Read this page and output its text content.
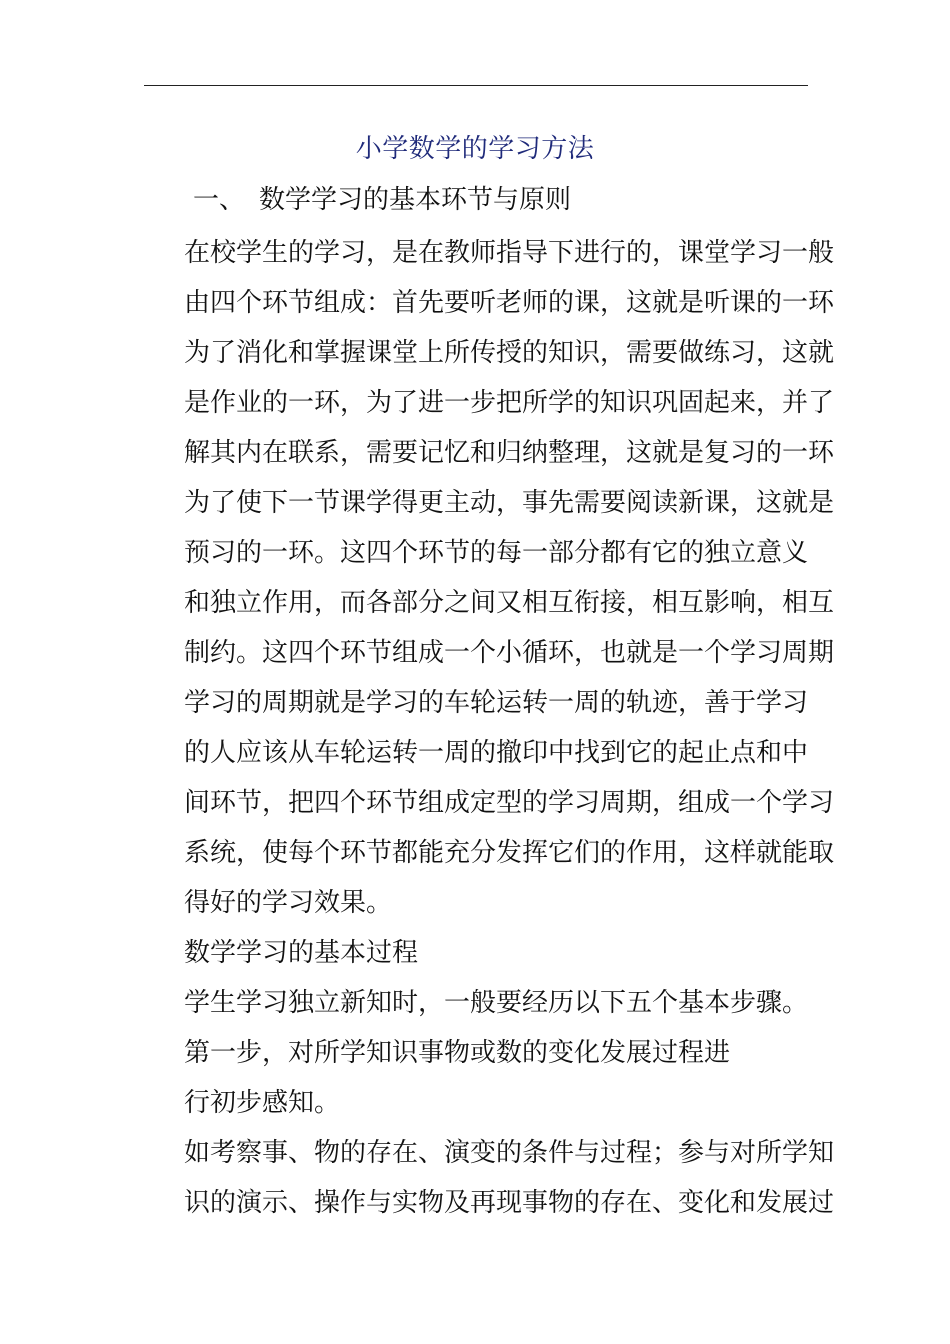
小学数学的学习方法
一、 数学学习的基本环节与原则
在校学生的学习，是在教师指导下进行的，课堂学习一般
由四个环节组成：首先要听老师的课，这就是听课的一环
为了消化和掌握课堂上所传授的知识，需要做练习，这就
是作业的一环，为了进一步把所学的知识巩固起来，并了
解其内在联系，需要记忆和归纳整理，这就是复习的一环
为了使下一节课学得更主动，事先需要阅读新课，这就是
预习的一环。这四个环节的每一部分都有它的独立意义
和独立作用，而各部分之间又相互衔接，相互影响，相互
制约。这四个环节组成一个小循环，也就是一个学习周期
学习的周期就是学习的车轮运转一周的轨迹，善于学习
的人应该从车轮运转一周的撤印中找到它的起止点和中
间环节，把四个环节组成定型的学习周期，组成一个学习
系统，使每个环节都能充分发挥它们的作用，这样就能取
得好的学习效果。
数学学习的基本过程
学生学习独立新知时，一般要经历以下五个基本步骤。
第一步，对所学知识事物或数的变化发展过程进
行初步感知。
如考察事、物的存在、演变的条件与过程；参与对所学知
识的演示、操作与实物及再现事物的存在、变化和发展过
